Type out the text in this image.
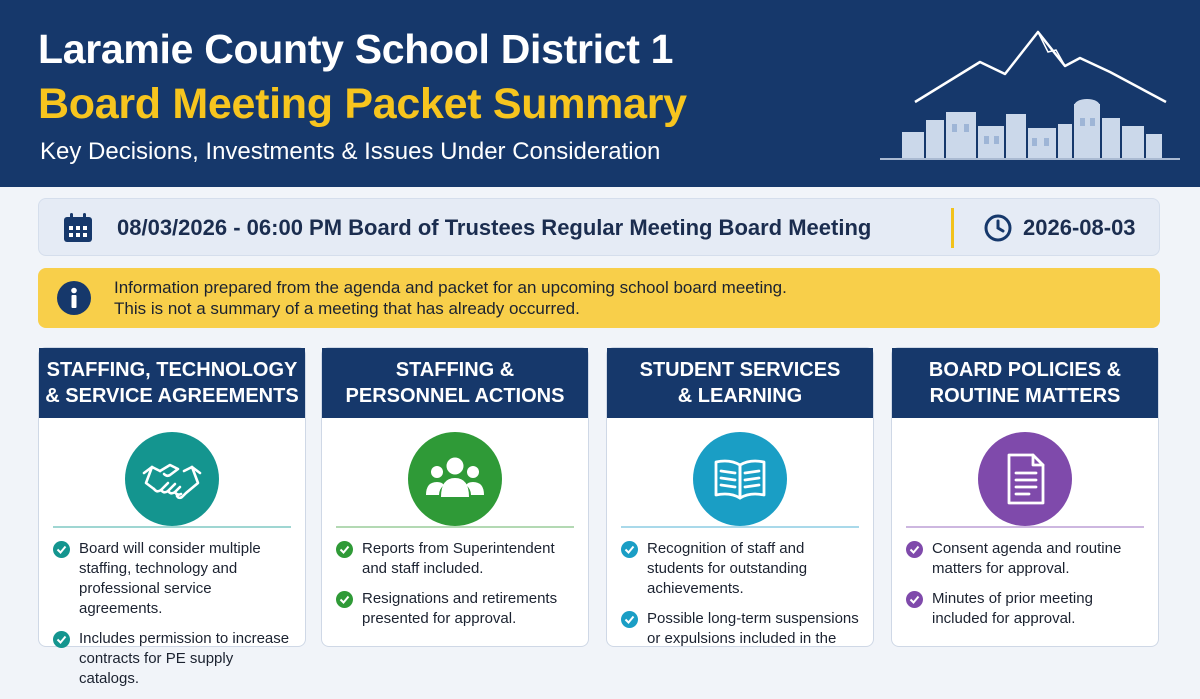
Laramie County School District 1
Board Meeting Packet Summary
Key Decisions, Investments & Issues Under Consideration
08/03/2026 - 06:00 PM Board of Trustees Regular Meeting Board Meeting	2026-08-03
Information prepared from the agenda and packet for an upcoming school board meeting.
This is not a summary of a meeting that has already occurred.
STAFFING, TECHNOLOGY
& SERVICE AGREEMENTS
Board will consider multiple staffing, technology and professional service agreements.
Includes permission to increase contracts for PE supply catalogs.
STAFFING &
PERSONNEL ACTIONS
Reports from Superintendent and staff included.
Resignations and retirements presented for approval.
STUDENT SERVICES
& LEARNING
Recognition of staff and students for outstanding achievements.
Possible long-term suspensions or expulsions included in the
BOARD POLICIES &
ROUTINE MATTERS
Consent agenda and routine matters for approval.
Minutes of prior meeting included for approval.
